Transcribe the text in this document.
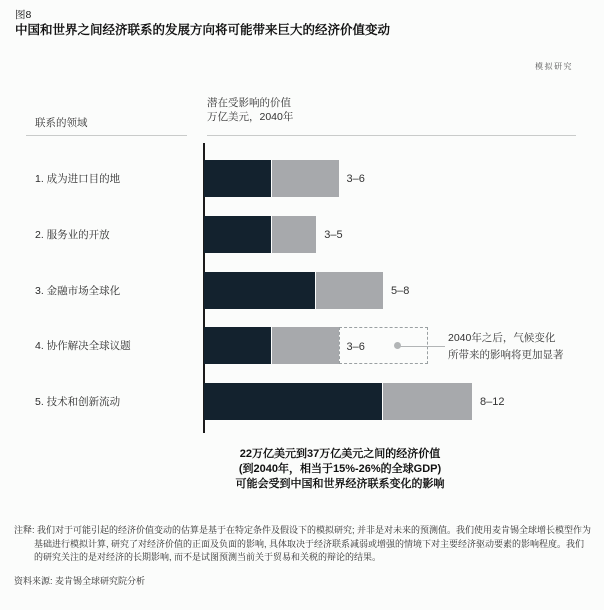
图8
中国和世界之间经济联系的发展方向将可能带来巨大的经济价值变动
模拟研究
联系的领域
潜在受影响的价值
万亿美元，2040年
1. 成为进口目的地	3–6
2. 服务业的开放	3–5
3. 金融市场全球化	5–8
4. 协作解决全球议题	3–6
2040年之后，气候变化
所带来的影响将更加显著
5. 技术和创新流动	8–12
22万亿美元到37万亿美元之间的经济价值
(到2040年，相当于15%-26%的全球GDP)
可能会受到中国和世界经济联系变化的影响
注释: 我们对于可能引起的经济价值变动的估算是基于在特定条件及假设下的模拟研究; 并非是对未来的预测值。我们使用麦肯锡全球增长模型作为
基础进行模拟计算, 研究了对经济价值的正面及负面的影响, 具体取决于经济联系减弱或增强的情境下对主要经济驱动要素的影响程度。我们
的研究关注的是对经济的长期影响, 而不是试图预测当前关于贸易和关税的辩论的结果。
资料来源: 麦肯锡全球研究院分析
